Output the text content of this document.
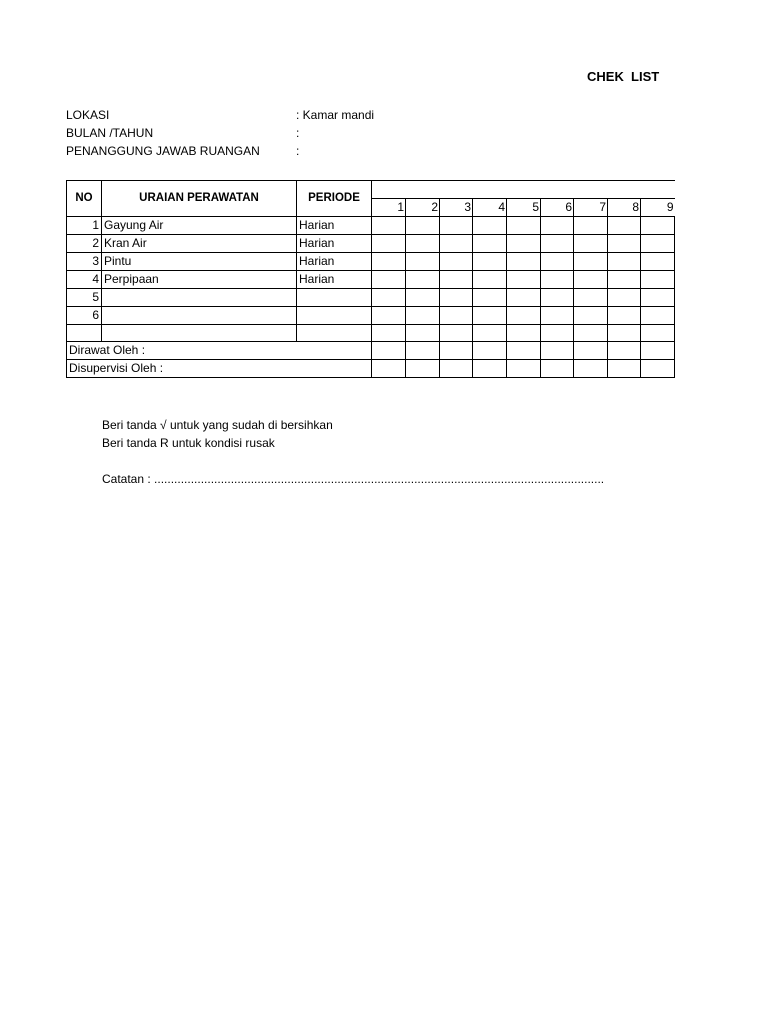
CHEK  LIST
LOKASI	: Kamar mandi
BULAN /TAHUN	:
PENANGGUNG JAWAB RUANGAN	:
NO	URAIAN PERAWATAN	PERIODE									
			1	2	3	4	5	6	7	8	9
1	Gayung Air	Harian									
2	Kran Air	Harian									
3	Pintu	Harian									
4	Perpipaan	Harian									
5											
6											

Dirawat Oleh :											
Disupervisi Oleh :											
Beri tanda √ untuk yang sudah di bersihkan
Beri tanda R untuk kondisi rusak
Catatan : .......................................................................................................................................
